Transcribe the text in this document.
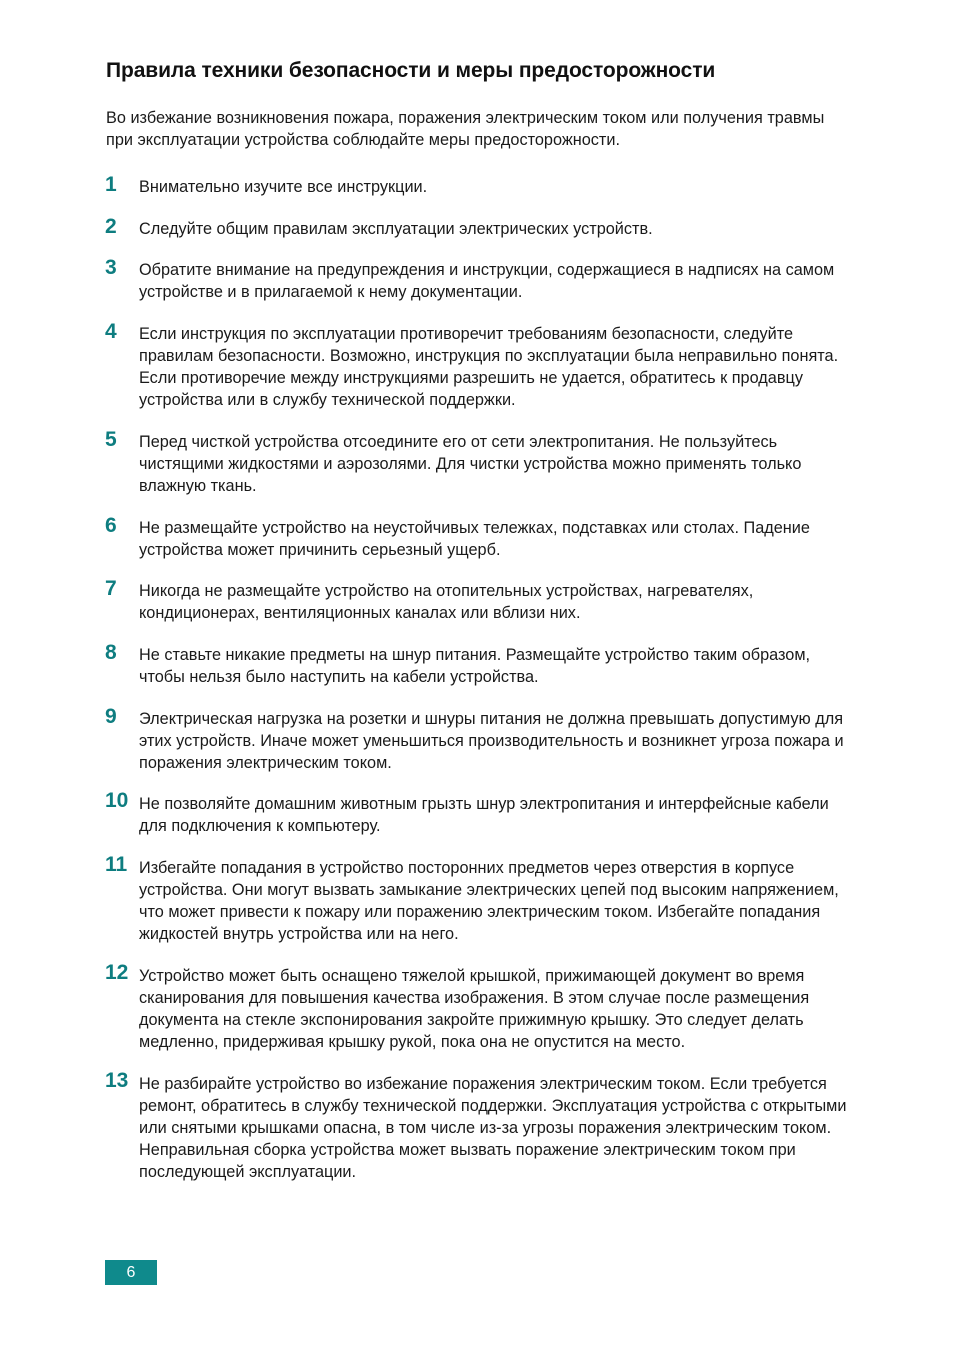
Правила техники безопасности и меры предосторожности

Во избежание возникновения пожара, поражения электрическим током или получения травмы при эксплуатации устройства соблюдайте меры предосторожности.

1 Внимательно изучите все инструкции.
2 Следуйте общим правилам эксплуатации электрических устройств.
3 Обратите внимание на предупреждения и инструкции, содержащиеся в надписях на самом устройстве и в прилагаемой к нему документации.
4 Если инструкция по эксплуатации противоречит требованиям безопасности, следуйте правилам безопасности. Возможно, инструкция по эксплуатации была неправильно понята. Если противоречие между инструкциями разрешить не удается, обратитесь к продавцу устройства или в службу технической поддержки.
5 Перед чисткой устройства отсоедините его от сети электропитания. Не пользуйтесь чистящими жидкостями и аэрозолями. Для чистки устройства можно применять только влажную ткань.
6 Не размещайте устройство на неустойчивых тележках, подставках или столах. Падение устройства может причинить серьезный ущерб.
7 Никогда не размещайте устройство на отопительных устройствах, нагревателях, кондиционерах, вентиляционных каналах или вблизи них.
8 Не ставьте никакие предметы на шнур питания. Размещайте устройство таким образом, чтобы нельзя было наступить на кабели устройства.
9 Электрическая нагрузка на розетки и шнуры питания не должна превышать допустимую для этих устройств. Иначе может уменьшиться производительность и возникнет угроза пожара и поражения электрическим током.
10 Не позволяйте домашним животным грызть шнур электропитания и интерфейсные кабели для подключения к компьютеру.
11 Избегайте попадания в устройство посторонних предметов через отверстия в корпусе устройства. Они могут вызвать замыкание электрических цепей под высоким напряжением, что может привести к пожару или поражению электрическим током. Избегайте попадания жидкостей внутрь устройства или на него.
12 Устройство может быть оснащено тяжелой крышкой, прижимающей документ во время сканирования для повышения качества изображения. В этом случае после размещения документа на стекле экспонирования закройте прижимную крышку. Это следует делать медленно, придерживая крышку рукой, пока она не опустится на место.
13 Не разбирайте устройство во избежание поражения электрическим током. Если требуется ремонт, обратитесь в службу технической поддержки. Эксплуатация устройства с открытыми или снятыми крышками опасна, в том числе из-за угрозы поражения электрическим током. Неправильная сборка устройства может вызвать поражение электрическим током при последующей эксплуатации.
6
